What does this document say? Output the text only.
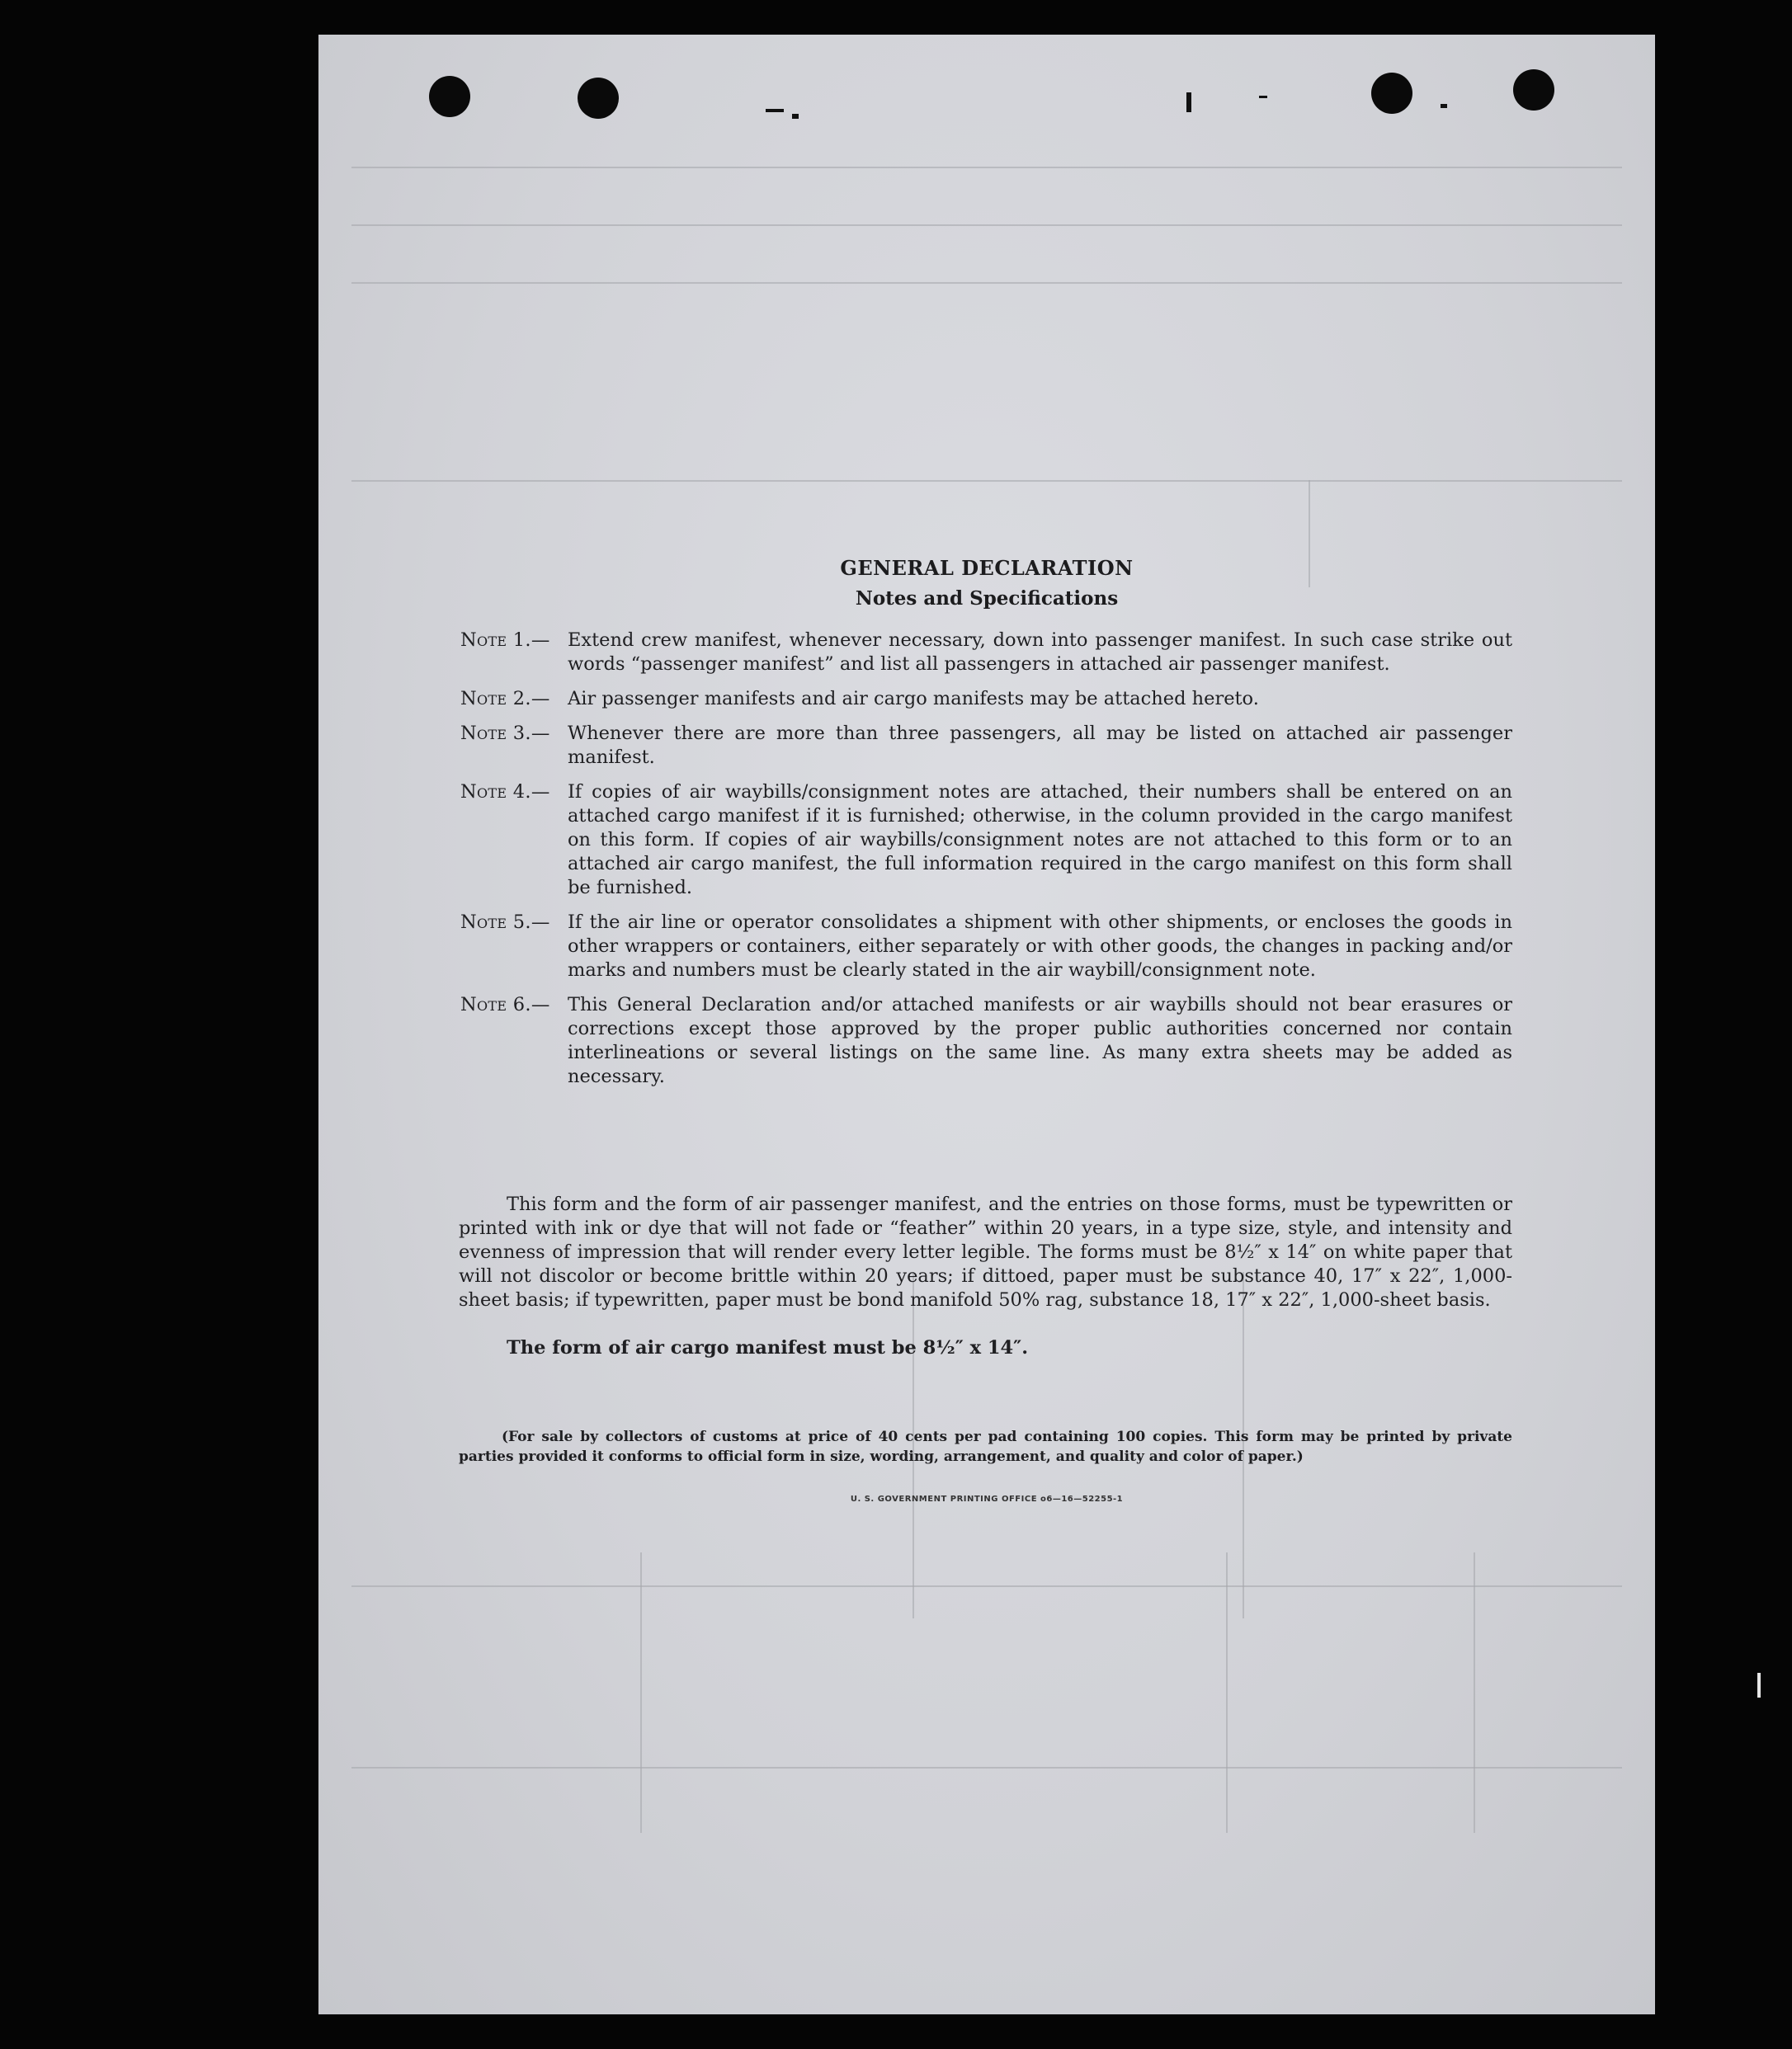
GENERAL DECLARATION
Notes and Specifications
Note 1.— Extend crew manifest, whenever necessary, down into passenger manifest. In such case strike out words “passenger manifest” and list all passengers in attached air passenger manifest.
Note 2.— Air passenger manifests and air cargo manifests may be attached hereto.
Note 3.— Whenever there are more than three passengers, all may be listed on attached air passenger manifest.
Note 4.— If copies of air waybills/consignment notes are attached, their numbers shall be entered on an attached cargo manifest if it is furnished; otherwise, in the column provided in the cargo manifest on this form. If copies of air waybills/consignment notes are not attached to this form or to an attached air cargo manifest, the full information required in the cargo manifest on this form shall be furnished.
Note 5.— If the air line or operator consolidates a shipment with other shipments, or encloses the goods in other wrappers or containers, either separately or with other goods, the changes in packing and/or marks and numbers must be clearly stated in the air waybill/consignment note.
Note 6.— This General Declaration and/or attached manifests or air waybills should not bear erasures or corrections except those approved by the proper public authorities concerned nor contain interlineations or several listings on the same line. As many extra sheets may be added as necessary.
This form and the form of air passenger manifest, and the entries on those forms, must be typewritten or printed with ink or dye that will not fade or “feather” within 20 years, in a type size, style, and intensity and evenness of impression that will render every letter legible. The forms must be 8½″ x 14″ on white paper that will not discolor or become brittle within 20 years; if dittoed, paper must be substance 40, 17″ x 22″, 1,000-sheet basis; if typewritten, paper must be bond manifold 50% rag, substance 18, 17″ x 22″, 1,000-sheet basis.
The form of air cargo manifest must be 8½″ x 14″.
(For sale by collectors of customs at price of 40 cents per pad containing 100 copies. This form may be printed by private parties provided it conforms to official form in size, wording, arrangement, and quality and color of paper.)
U. S. GOVERNMENT PRINTING OFFICE o6—16—52255-1
